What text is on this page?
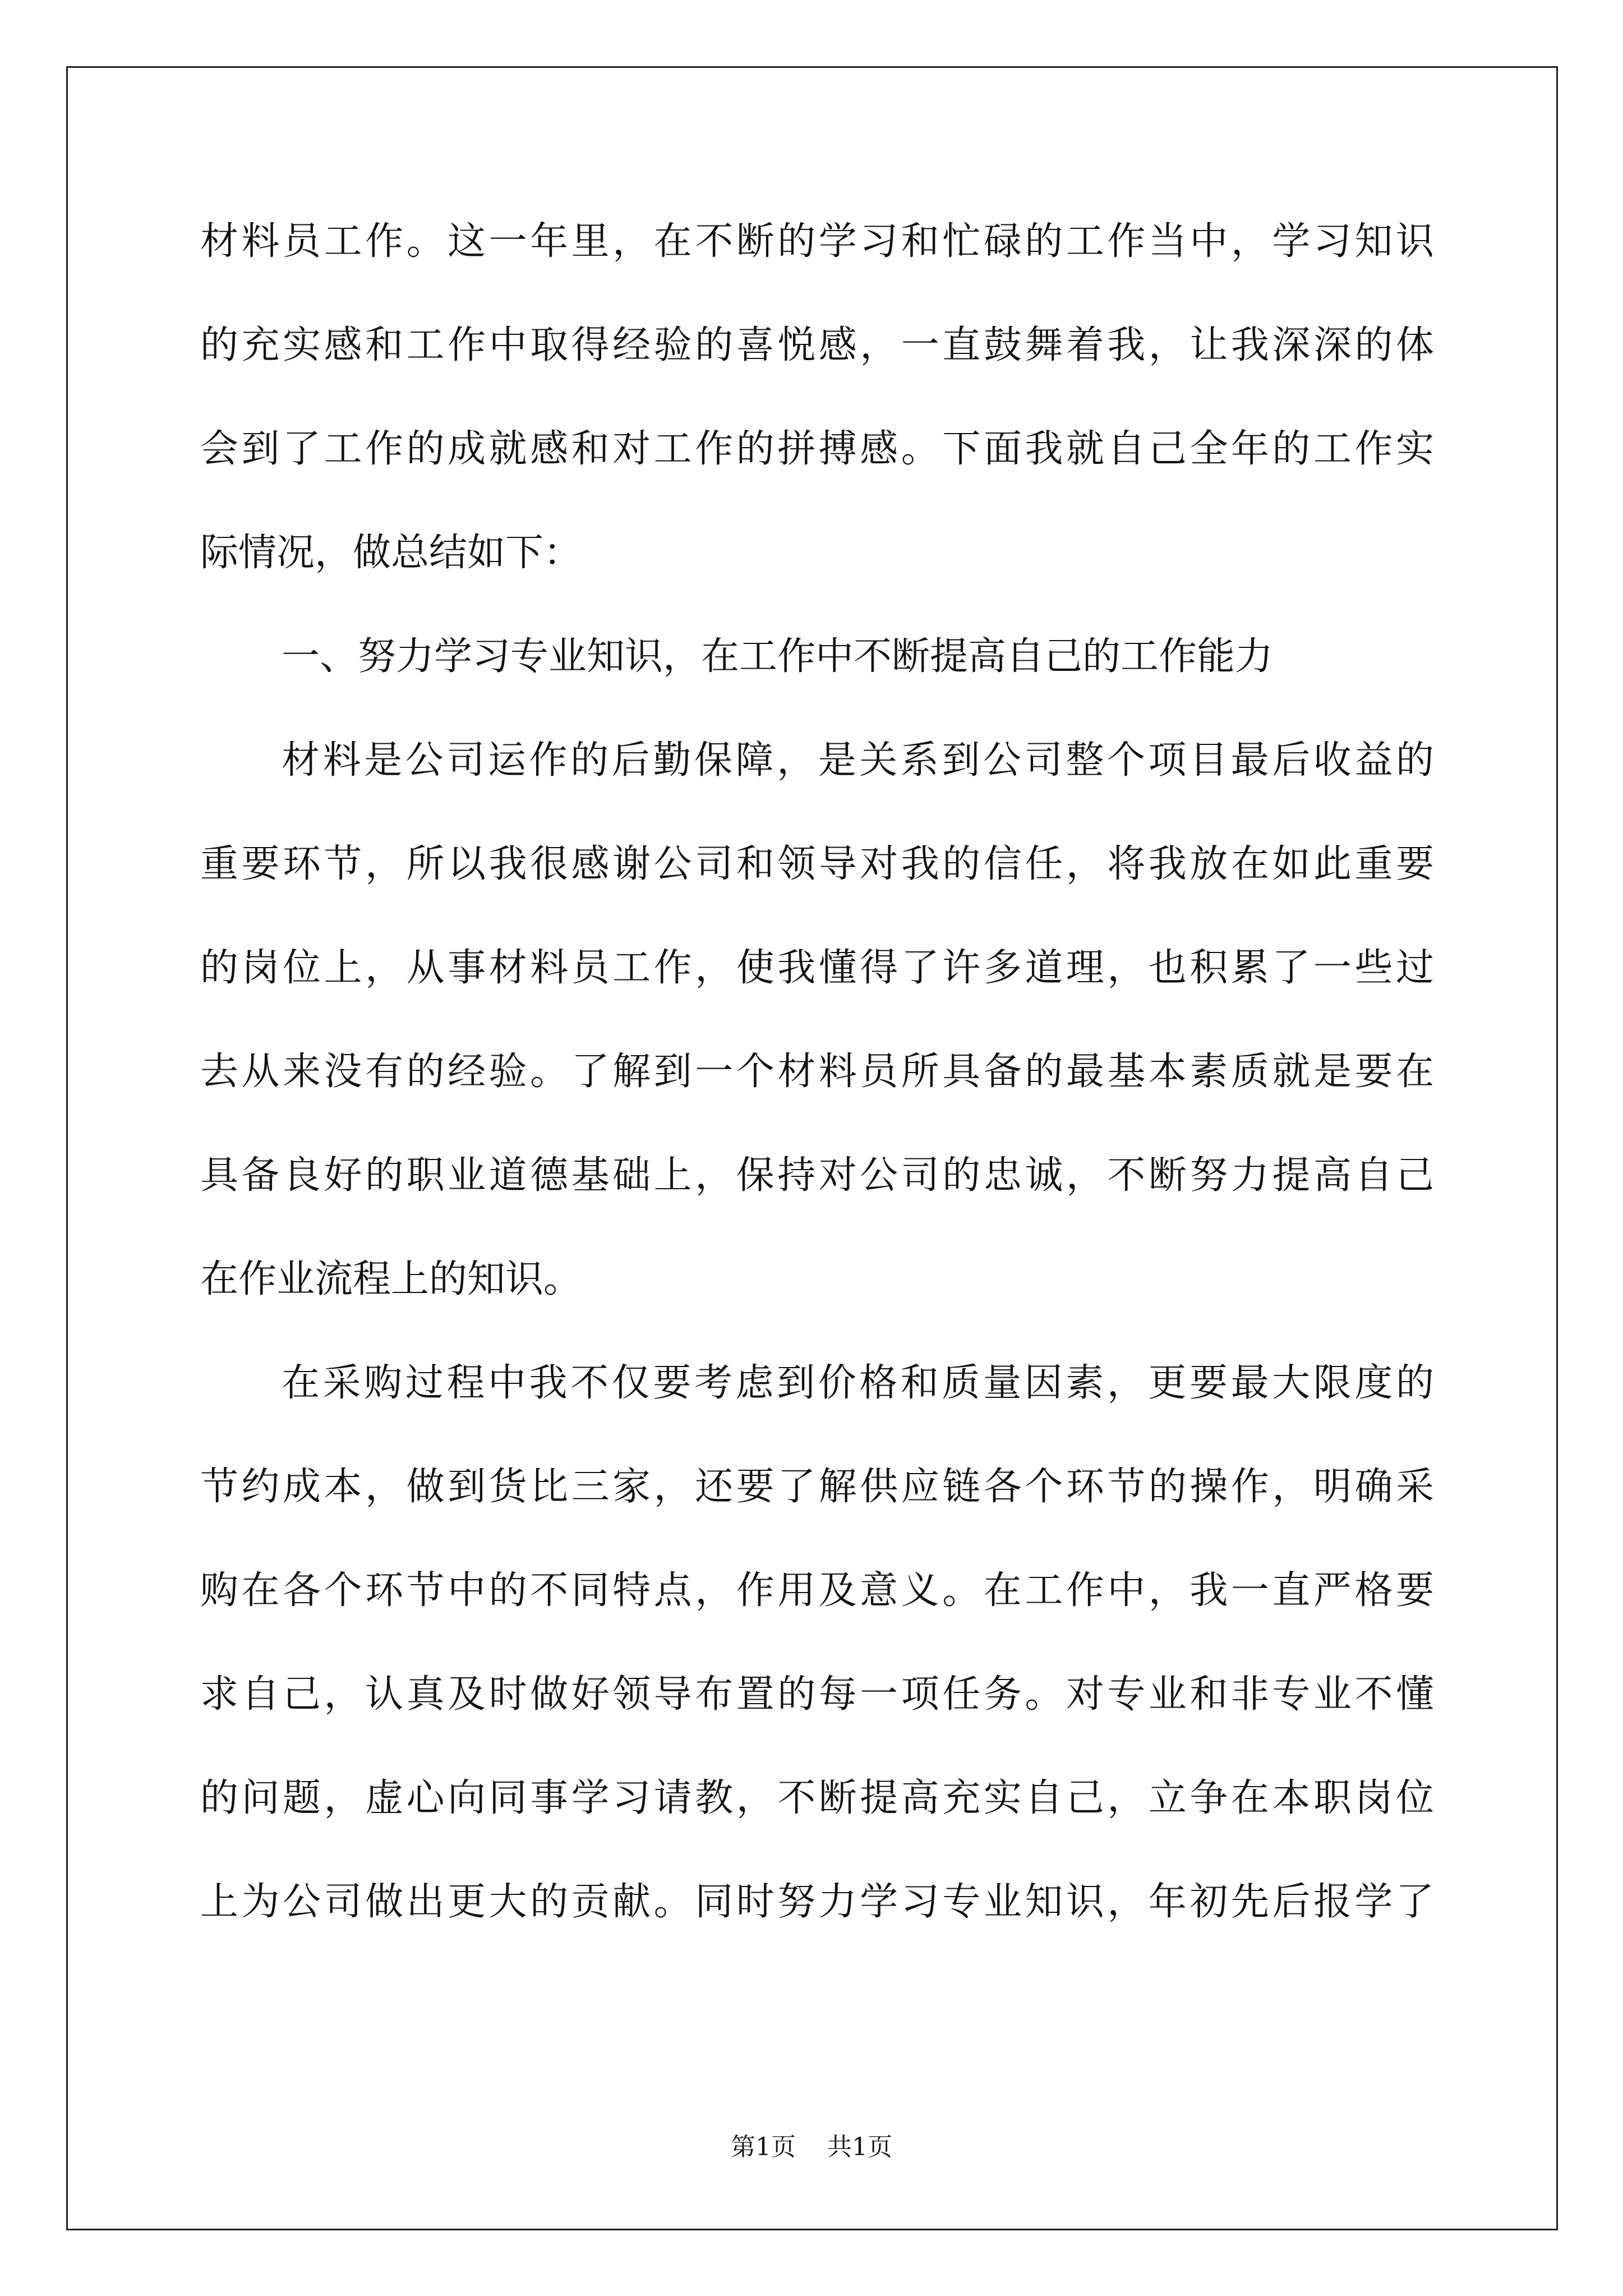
材料员工作。这一年里，在不断的学习和忙碌的工作当中，学习知识
的充实感和工作中取得经验的喜悦感，一直鼓舞着我，让我深深的体
会到了工作的成就感和对工作的拼搏感。下面我就自己全年的工作实
际情况，做总结如下：
一、努力学习专业知识，在工作中不断提高自己的工作能力
材料是公司运作的后勤保障，是关系到公司整个项目最后收益的
重要环节，所以我很感谢公司和领导对我的信任，将我放在如此重要
的岗位上，从事材料员工作，使我懂得了许多道理，也积累了一些过
去从来没有的经验。了解到一个材料员所具备的最基本素质就是要在
具备良好的职业道德基础上，保持对公司的忠诚，不断努力提高自己
在作业流程上的知识。
在采购过程中我不仅要考虑到价格和质量因素，更要最大限度的
节约成本，做到货比三家，还要了解供应链各个环节的操作，明确采
购在各个环节中的不同特点，作用及意义。在工作中，我一直严格要
求自己，认真及时做好领导布置的每一项任务。对专业和非专业不懂
的问题，虚心向同事学习请教，不断提高充实自己，立争在本职岗位
上为公司做出更大的贡献。同时努力学习专业知识，年初先后报学了
第1页 共1页
